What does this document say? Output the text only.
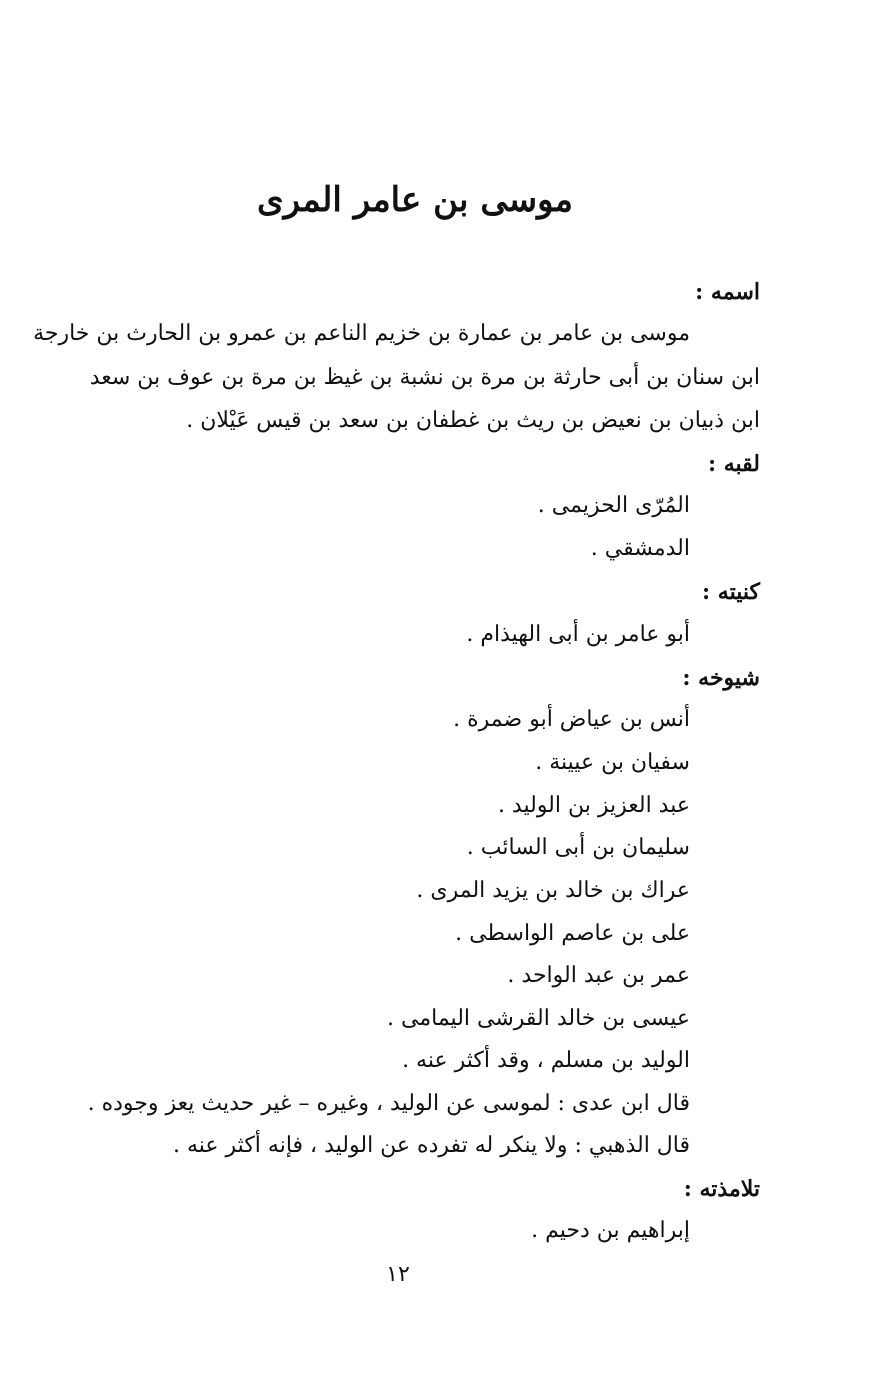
موسى بن عامر المرى

اسمه :

موسى بن عامر بن عمارة بن خزيم الناعم بن عمرو بن الحارث بن خارجة

ابن سنان بن أبى حارثة بن مرة بن نشبة بن غيظ بن مرة بن عوف بن سعد

ابن ذبيان بن نعيض بن ريث بن غطفان بن سعد بن قيس عَيْلان .

لقبه :

المُرّى الحزيمى .

الدمشقي .

كنيته :

أبو عامر بن أبى الهيذام .

شيوخه :

أنس بن عياض أبو ضمرة .

سفيان بن عيينة .

عبد العزيز بن الوليد .

سليمان بن أبى السائب .

عراك بن خالد بن يزيد المرى .

على بن عاصم الواسطى .

عمر بن عبد الواحد .

عيسى بن خالد القرشى اليمامى .

الوليد بن مسلم ، وقد أكثر عنه .

قال ابن عدى : لموسى عن الوليد ، وغيره – غير حديث يعز وجوده .

قال الذهبي : ولا ينكر له تفرده عن الوليد ، فإنه أكثر عنه .

تلامذته :

إبراهيم بن دحيم .

١٢
